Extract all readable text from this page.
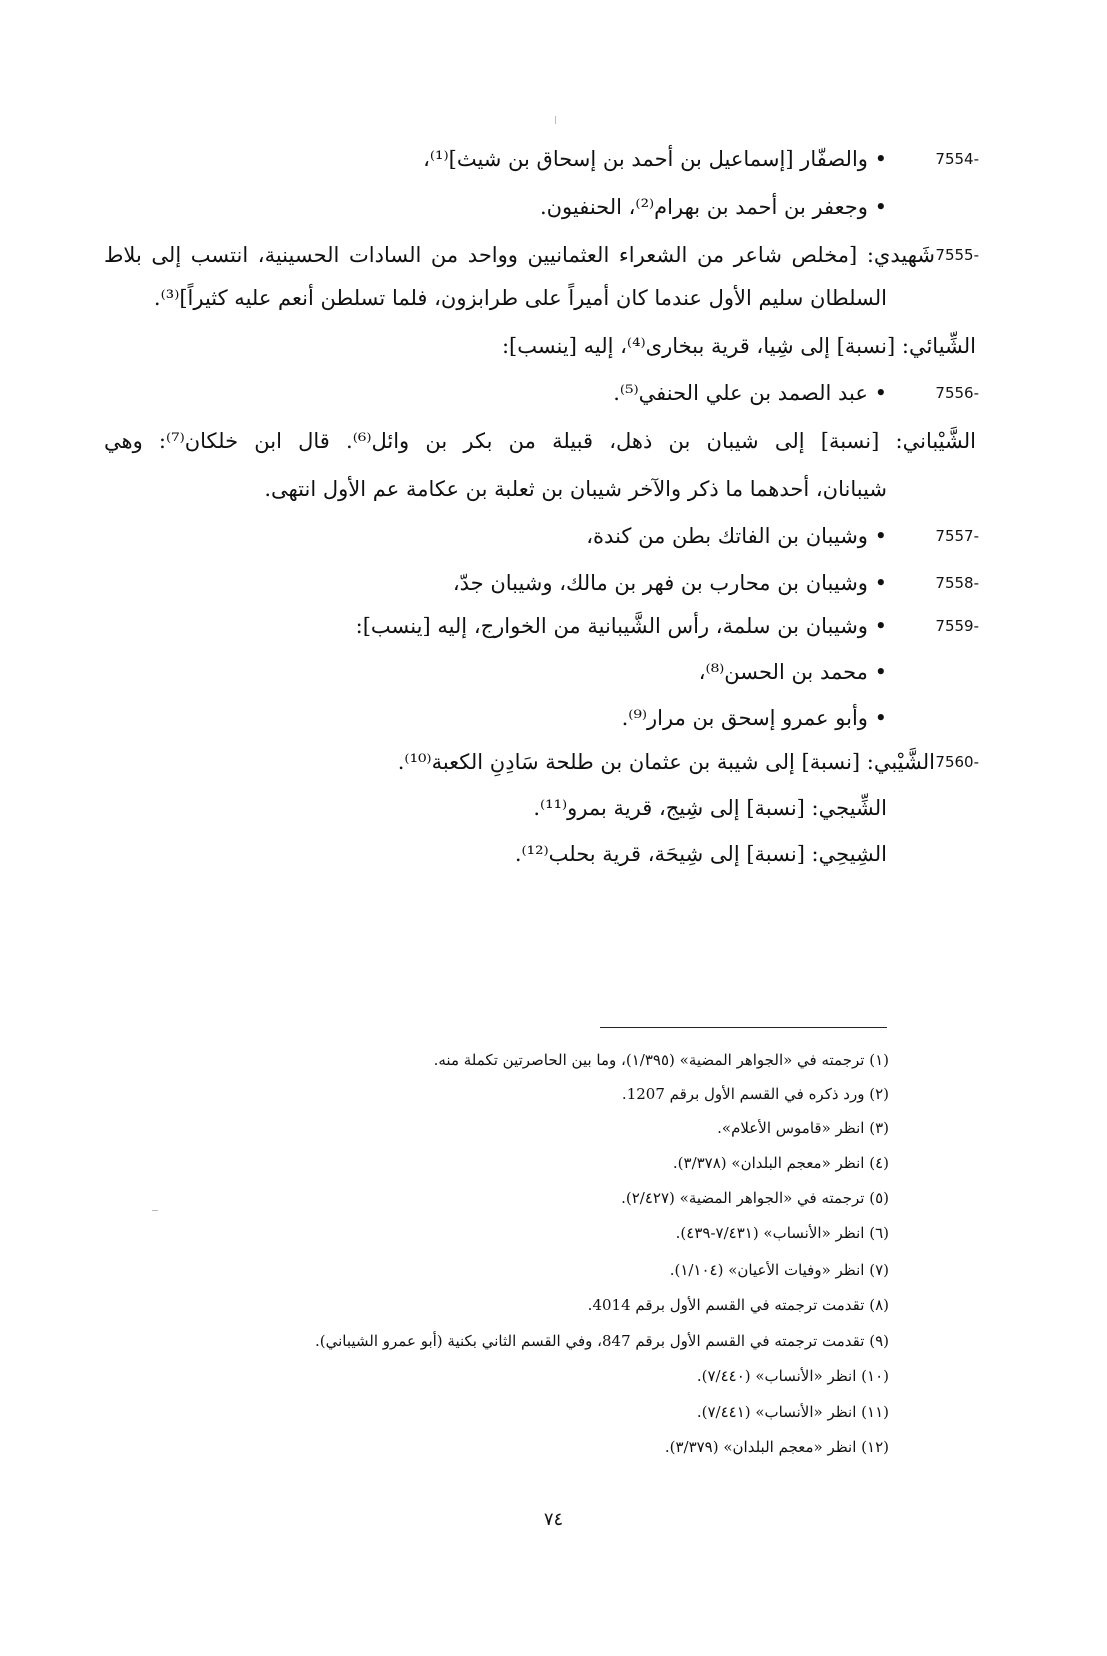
7554-
• والصفّار [إسماعيل بن أحمد بن إسحاق بن شيث]⁽¹⁾،
• وجعفر بن أحمد بن بهرام⁽²⁾، الحنفيون.
7555-
شَهيدي: [مخلص شاعر من الشعراء العثمانيين وواحد من السادات الحسينية، انتسب إلى بلاط
السلطان سليم الأول عندما كان أميراً على طرابزون، فلما تسلطن أنعم عليه كثيراً]⁽³⁾.
الشِّيائي: [نسبة] إلى شِيا، قرية ببخارى⁽⁴⁾، إليه [ينسب]:
7556-
• عبد الصمد بن علي الحنفي⁽⁵⁾.
الشَّيْباني: [نسبة] إلى شيبان بن ذهل، قبيلة من بكر بن وائل⁽⁶⁾. قال ابن خلكان⁽⁷⁾: وهي
شيبانان، أحدهما ما ذكر والآخر شيبان بن ثعلبة بن عكامة عم الأول انتهى.
7557-
• وشيبان بن الفاتك بطن من كندة،
7558-
• وشيبان بن محارب بن فهر بن مالك، وشيبان جدّ،
7559-
• وشيبان بن سلمة، رأس الشَّيبانية من الخوارج، إليه [ينسب]:
• محمد بن الحسن⁽⁸⁾،
• وأبو عمرو إسحق بن مرار⁽⁹⁾.
7560-
الشَّيْبي: [نسبة] إلى شيبة بن عثمان بن طلحة سَادِنِ الكعبة⁽¹⁰⁾.
الشِّيجي: [نسبة] إلى شِيج، قرية بمرو⁽¹¹⁾.
الشِيحِي: [نسبة] إلى شِيحَة، قرية بحلب⁽¹²⁾.
(١) ترجمته في «الجواهر المضية» (١/٣٩٥)، وما بين الحاصرتين تكملة منه.
(٢) ورد ذكره في القسم الأول برقم 1207.
(٣) انظر «قاموس الأعلام».
(٤) انظر «معجم البلدان» (٣/٣٧٨).
(٥) ترجمته في «الجواهر المضية» (٢/٤٢٧).
(٦) انظر «الأنساب» (٧/٤٣١-٤٣٩).
(٧) انظر «وفيات الأعيان» (١/١٠٤).
(٨) تقدمت ترجمته في القسم الأول برقم 4014.
(٩) تقدمت ترجمته في القسم الأول برقم 847، وفي القسم الثاني بكنية (أبو عمرو الشيباني).
(١٠) انظر «الأنساب» (٧/٤٤٠).
(١١) انظر «الأنساب» (٧/٤٤١).
(١٢) انظر «معجم البلدان» (٣/٣٧٩).
٧٤
